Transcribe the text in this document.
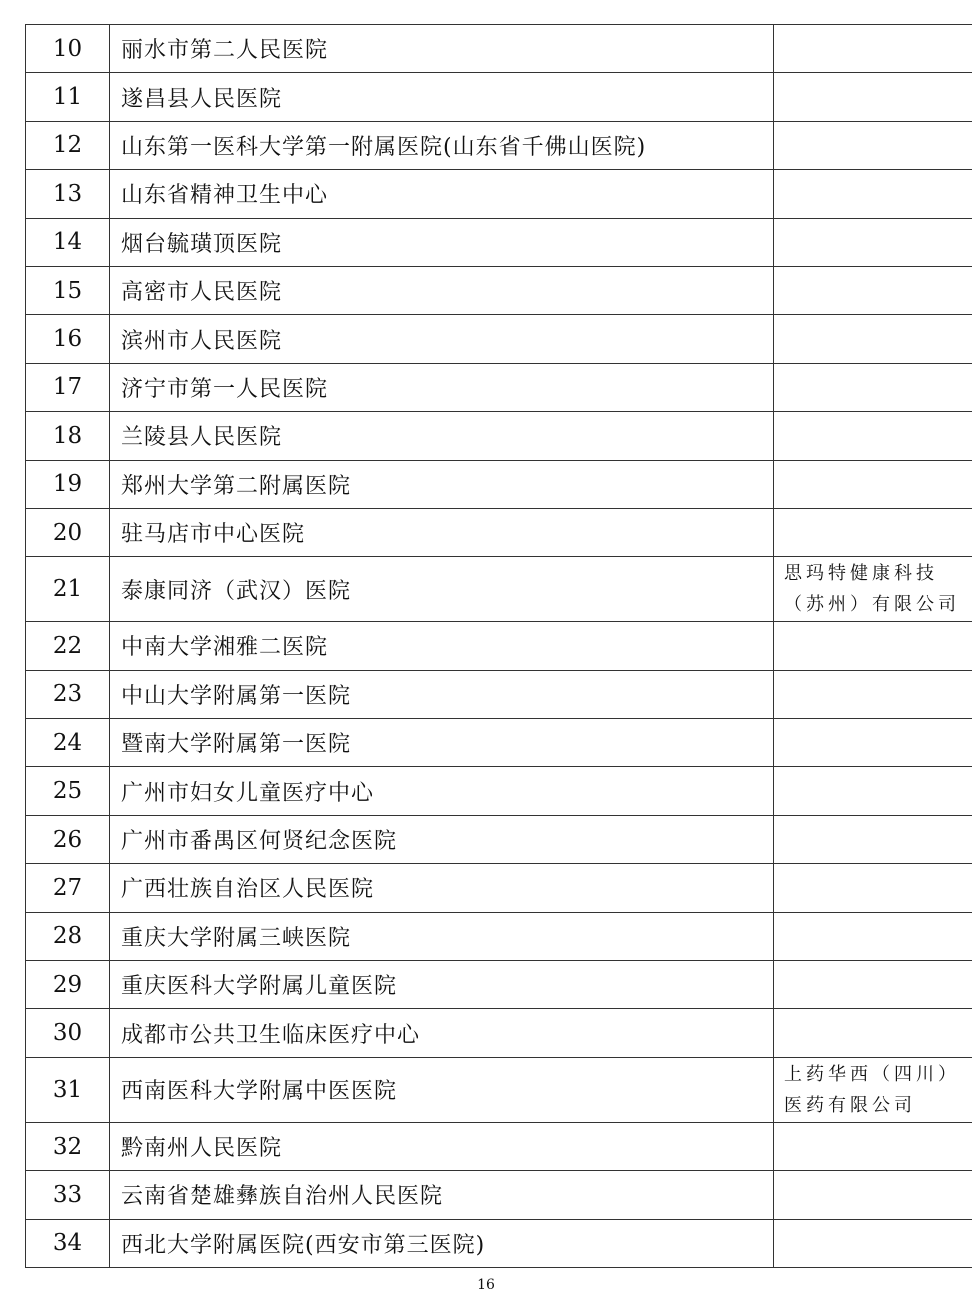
10	丽水市第二人民医院	
11	遂昌县人民医院	
12	山东第一医科大学第一附属医院(山东省千佛山医院)	
13	山东省精神卫生中心	
14	烟台毓璜顶医院	
15	高密市人民医院	
16	滨州市人民医院	
17	济宁市第一人民医院	
18	兰陵县人民医院	
19	郑州大学第二附属医院	
20	驻马店市中心医院	
21	泰康同济（武汉）医院	思玛特健康科技（苏州）有限公司
22	中南大学湘雅二医院	
23	中山大学附属第一医院	
24	暨南大学附属第一医院	
25	广州市妇女儿童医疗中心	
26	广州市番禺区何贤纪念医院	
27	广西壮族自治区人民医院	
28	重庆大学附属三峡医院	
29	重庆医科大学附属儿童医院	
30	成都市公共卫生临床医疗中心	
31	西南医科大学附属中医医院	上药华西（四川）医药有限公司
32	黔南州人民医院	
33	云南省楚雄彝族自治州人民医院	
34	西北大学附属医院(西安市第三医院)	
16
